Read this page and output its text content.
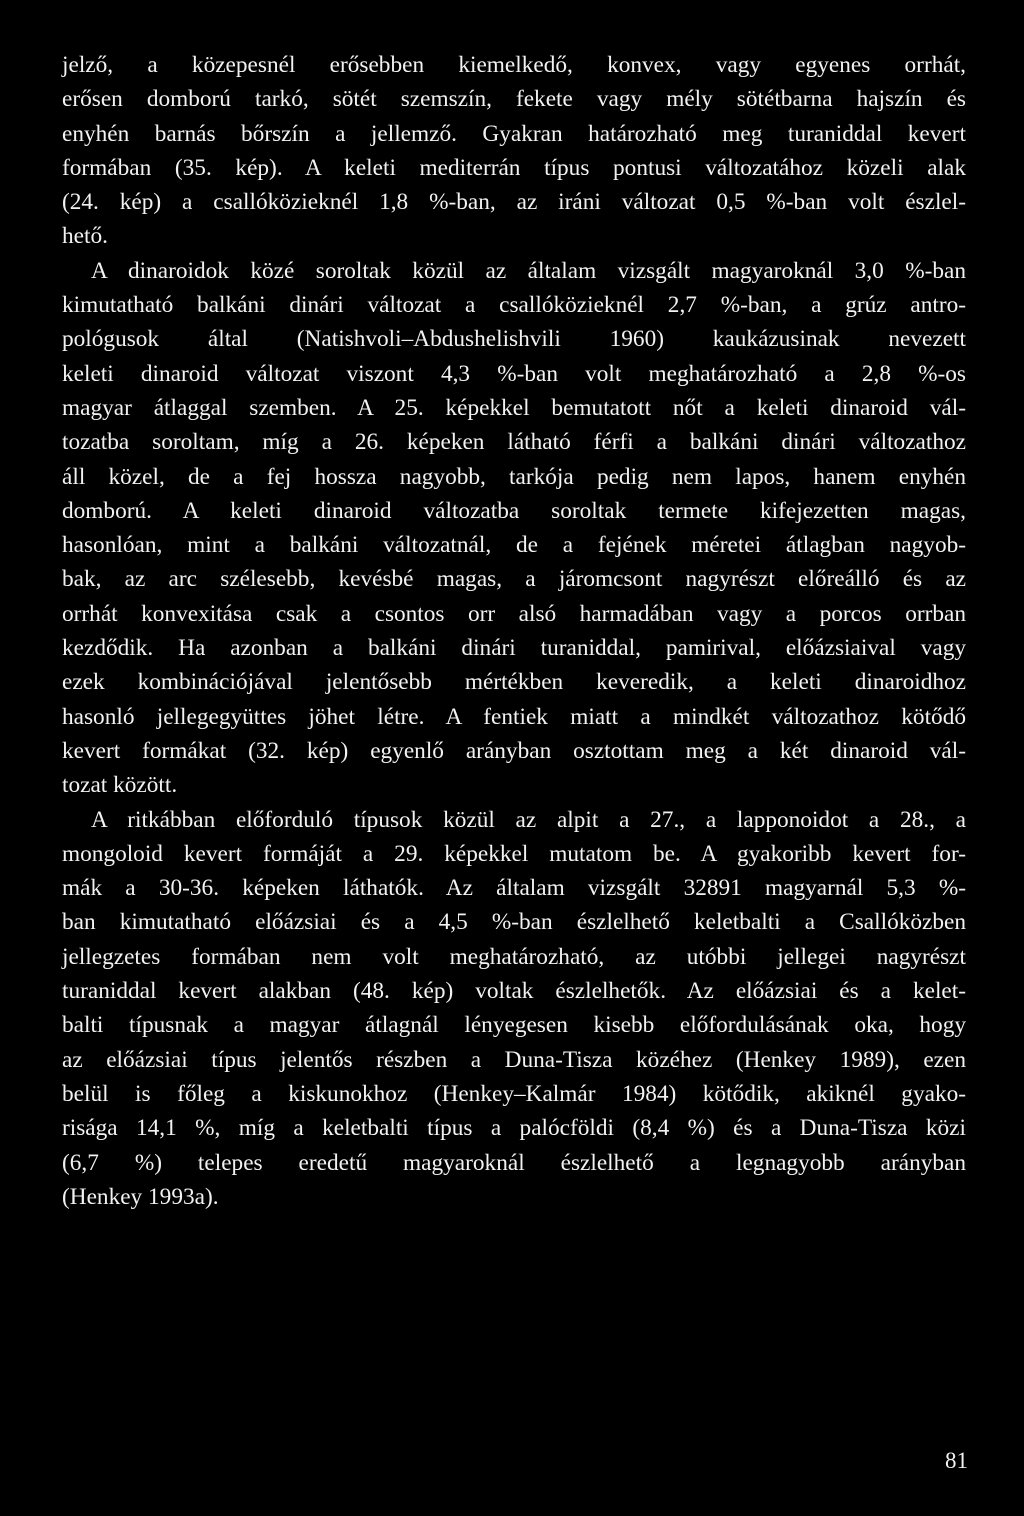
jelző, a közepesnél erősebben kiemelkedő, konvex, vagy egyenes orrhát,
erősen domború tarkó, sötét szemszín, fekete vagy mély sötétbarna hajszín és
enyhén barnás bőrszín a jellemző. Gyakran határozható meg turaniddal kevert
formában (35. kép). A keleti mediterrán típus pontusi változatához közeli alak
(24. kép) a csallóközieknél 1,8 %-ban, az iráni változat 0,5 %-ban volt észlel-
hető.

A dinaroidok közé soroltak közül az általam vizsgált magyaroknál 3,0 %-ban
kimutatható balkáni dinári változat a csallóközieknél 2,7 %-ban, a grúz antro-
pológusok által (Natishvoli–Abdushelishvili 1960) kaukázusinak nevezett
keleti dinaroid változat viszont 4,3 %-ban volt meghatározható a 2,8 %-os
magyar átlaggal szemben. A 25. képekkel bemutatott nőt a keleti dinaroid vál-
tozatba soroltam, míg a 26. képeken látható férfi a balkáni dinári változathoz
áll közel, de a fej hossza nagyobb, tarkója pedig nem lapos, hanem enyhén
domború. A keleti dinaroid változatba soroltak termete kifejezetten magas,
hasonlóan, mint a balkáni változatnál, de a fejének méretei átlagban nagyob-
bak, az arc szélesebb, kevésbé magas, a járomcsont nagyrészt előreálló és az
orrhát konvexitása csak a csontos orr alsó harmadában vagy a porcos orrban
kezdődik. Ha azonban a balkáni dinári turaniddal, pamirival, előázsiaival vagy
ezek kombinációjával jelentősebb mértékben keveredik, a keleti dinaroidhoz
hasonló jellegegyüttes jöhet létre. A fentiek miatt a mindkét változathoz kötődő
kevert formákat (32. kép) egyenlő arányban osztottam meg a két dinaroid vál-
tozat között.

A ritkábban előforduló típusok közül az alpit a 27., a lapponoidot a 28., a
mongoloid kevert formáját a 29. képekkel mutatom be. A gyakoribb kevert for-
mák a 30-36. képeken láthatók. Az általam vizsgált 32891 magyarnál 5,3 %-
ban kimutatható előázsiai és a 4,5 %-ban észlelhető keletbalti a Csallóközben
jellegzetes formában nem volt meghatározható, az utóbbi jellegei nagyrészt
turaniddal kevert alakban (48. kép) voltak észlelhetők. Az előázsiai és a kelet-
balti típusnak a magyar átlagnál lényegesen kisebb előfordulásának oka, hogy
az előázsiai típus jelentős részben a Duna-Tisza közéhez (Henkey 1989), ezen
belül is főleg a kiskunokhoz (Henkey–Kalmár 1984) kötődik, akiknél gyako-
risága 14,1 %, míg a keletbalti típus a palócföldi (8,4 %) és a Duna-Tisza közi
(6,7 %) telepes eredetű magyaroknál észlelhető a legnagyobb arányban
(Henkey 1993a).

81
